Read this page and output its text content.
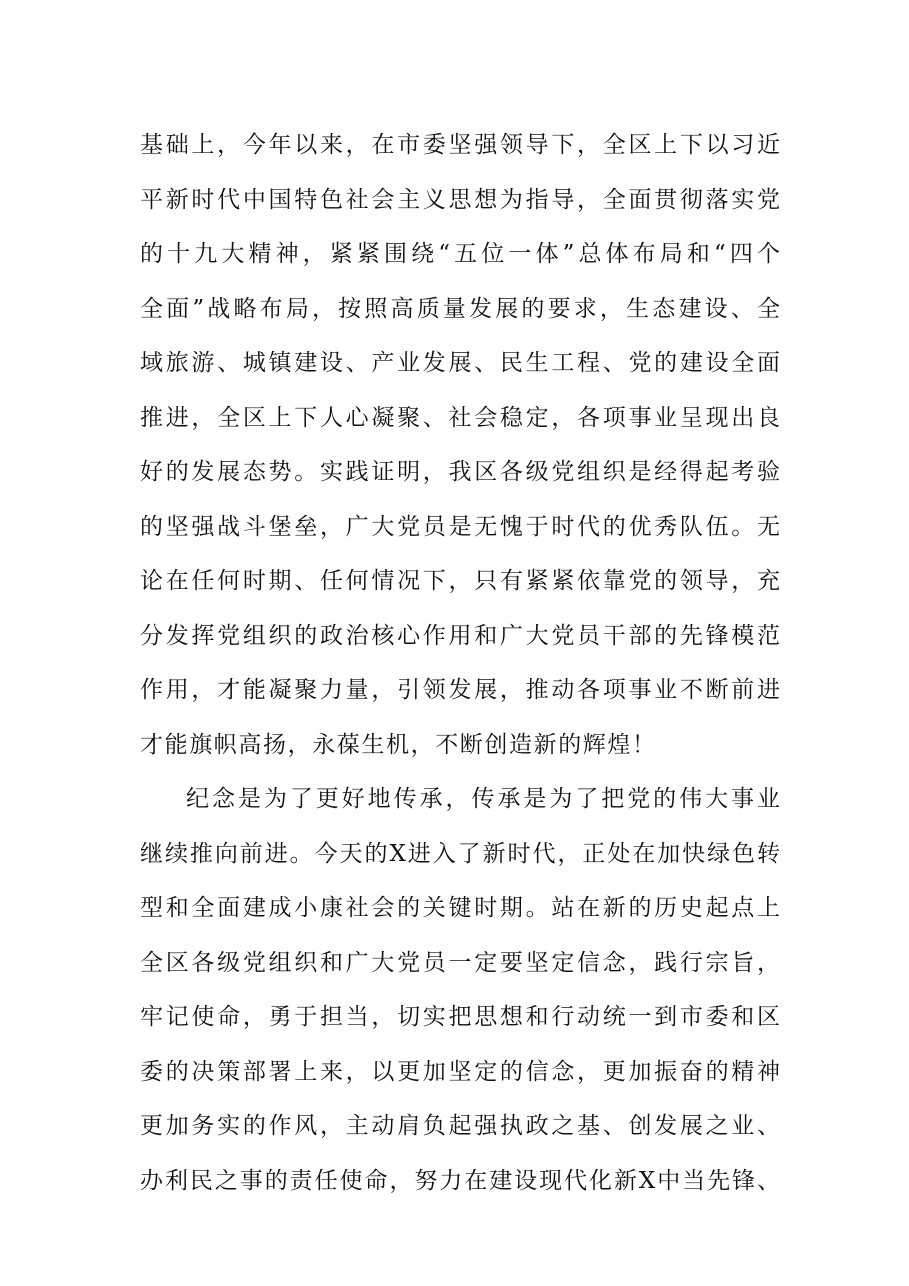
基础上，今年以来，在市委坚强领导下，全区上下以习近
平新时代中国特色社会主义思想为指导，全面贯彻落实党
的十九大精神，紧紧围绕“五位一体”总体布局和“四个
全面”战略布局，按照高质量发展的要求，生态建设、全
域旅游、城镇建设、产业发展、民生工程、党的建设全面
推进，全区上下人心凝聚、社会稳定，各项事业呈现出良
好的发展态势。实践证明，我区各级党组织是经得起考验
的坚强战斗堡垒，广大党员是无愧于时代的优秀队伍。无
论在任何时期、任何情况下，只有紧紧依靠党的领导，充
分发挥党组织的政治核心作用和广大党员干部的先锋模范
作用，才能凝聚力量，引领发展，推动各项事业不断前进
才能旗帜高扬，永葆生机，不断创造新的辉煌！
纪念是为了更好地传承，传承是为了把党的伟大事业
继续推向前进。今天的X进入了新时代，正处在加快绿色转
型和全面建成小康社会的关键时期。站在新的历史起点上
全区各级党组织和广大党员一定要坚定信念，践行宗旨，
牢记使命，勇于担当，切实把思想和行动统一到市委和区
委的决策部署上来，以更加坚定的信念，更加振奋的精神
更加务实的作风，主动肩负起强执政之基、创发展之业、
办利民之事的责任使命，努力在建设现代化新X中当先锋、
